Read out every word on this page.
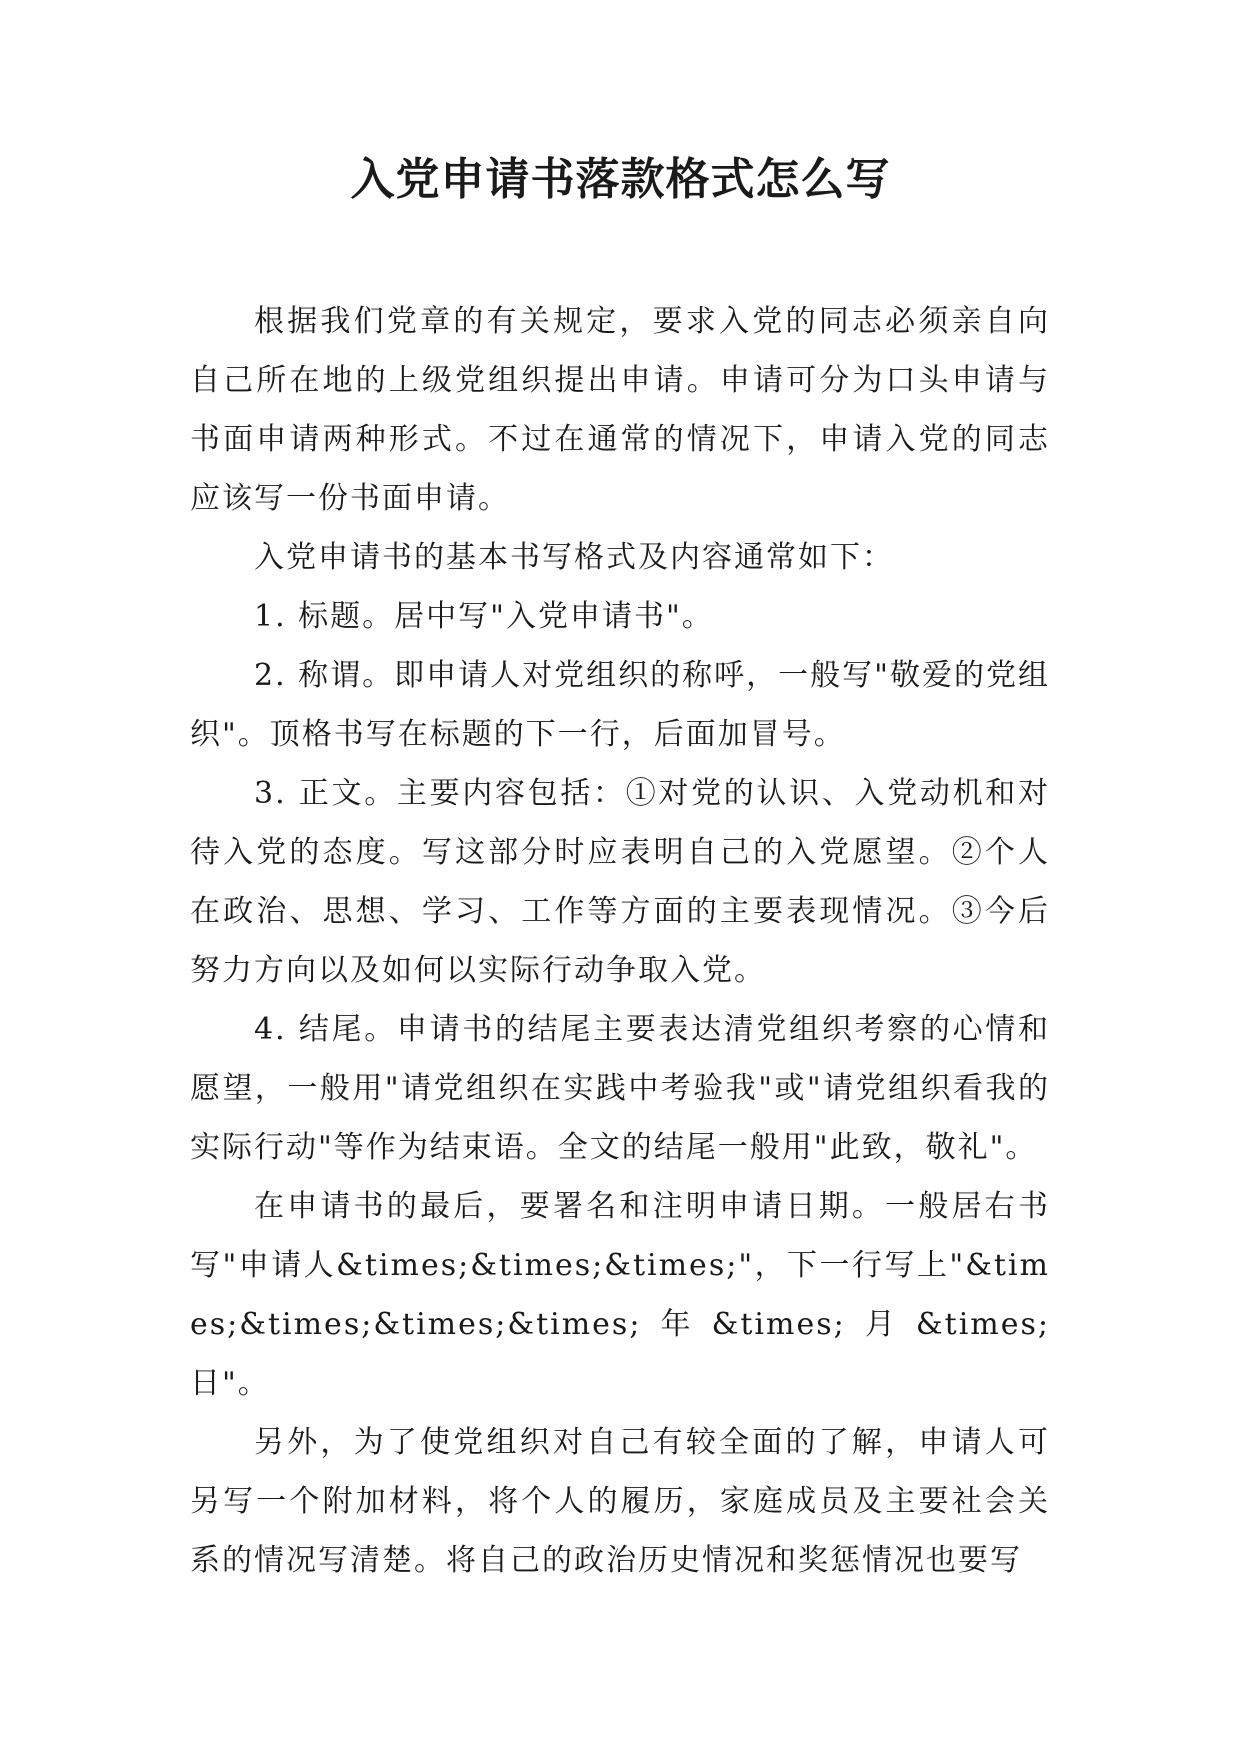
入党申请书落款格式怎么写

根据我们党章的有关规定，要求入党的同志必须亲自向自己所在地的上级党组织提出申请。申请可分为口头申请与书面申请两种形式。不过在通常的情况下，申请入党的同志应该写一份书面申请。

入党申请书的基本书写格式及内容通常如下：

1. 标题。居中写"入党申请书"。

2. 称谓。即申请人对党组织的称呼，一般写"敬爱的党组织"。顶格书写在标题的下一行，后面加冒号。

3. 正文。主要内容包括：①对党的认识、入党动机和对待入党的态度。写这部分时应表明自己的入党愿望。②个人在政治、思想、学习、工作等方面的主要表现情况。③今后努力方向以及如何以实际行动争取入党。

4. 结尾。申请书的结尾主要表达清党组织考察的心情和愿望，一般用"请党组织在实践中考验我"或"请党组织看我的实际行动"等作为结束语。全文的结尾一般用"此致，敬礼"。

在申请书的最后，要署名和注明申请日期。一般居右书写"申请人&times;&times;&times;"，下一行写上"&times;&times;&times;&times;年&times;月&times;日"。

另外，为了使党组织对自己有较全面的了解，申请人可另写一个附加材料，将个人的履历，家庭成员及主要社会关系的情况写清楚。将自己的政治历史情况和奖惩情况也要写
